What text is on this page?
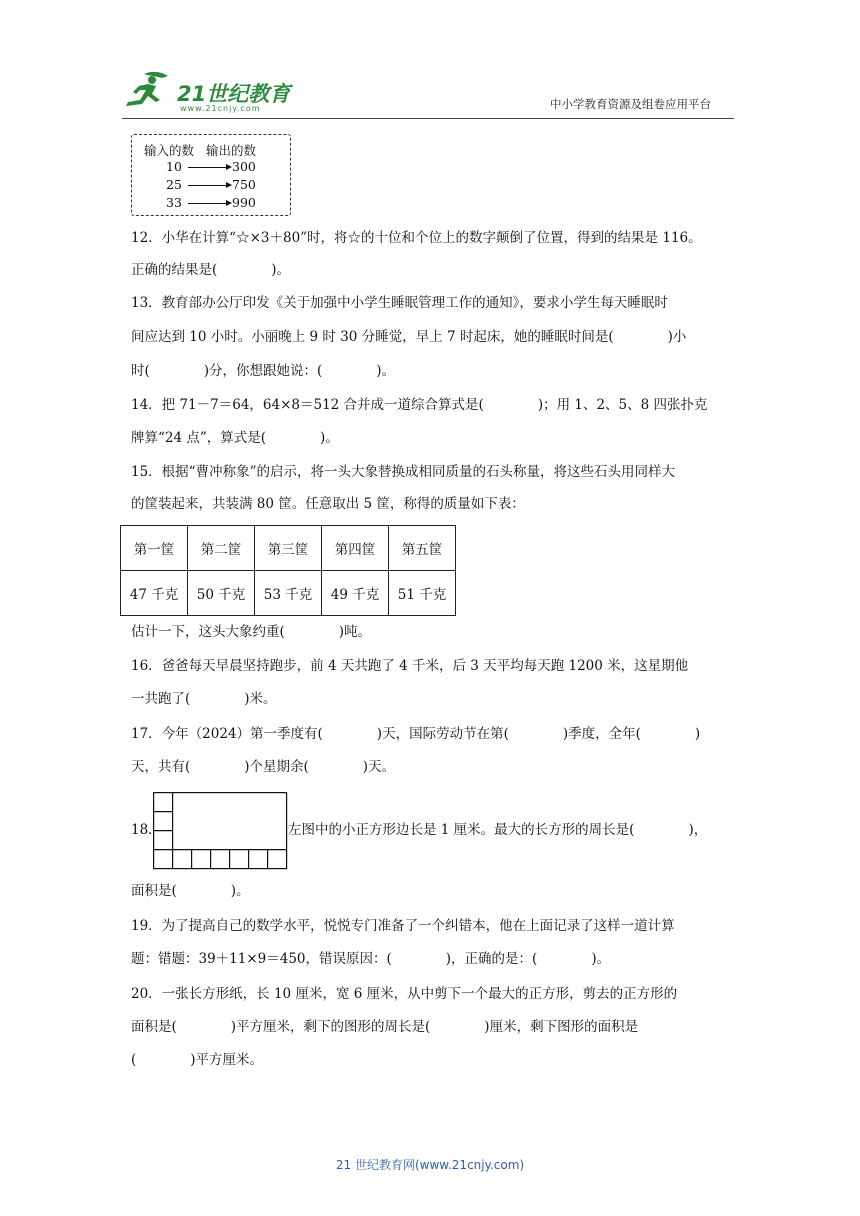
21世纪教育
www.21cnjy.com	中小学教育资源及组卷应用平台
输入的数 输出的数
10	300
25	750
33	990
12．小华在计算“☆×3＋80”时，将☆的十位和个位上的数字颠倒了位置，得到的结果是 116。
正确的结果是(　　　　)。
13．教育部办公厅印发《关于加强中小学生睡眠管理工作的通知》，要求小学生每天睡眠时
间应达到 10 小时。小丽晚上 9 时 30 分睡觉，早上 7 时起床，她的睡眠时间是(　　　　)小
时(　　　　)分，你想跟她说：(　　　　)。
14．把 71－7＝64，64×8＝512 合并成一道综合算式是(　　　　)；用 1、2、5、8 四张扑克
牌算“24 点”，算式是(　　　　)。
15．根据“曹冲称象”的启示，将一头大象替换成相同质量的石头称量，将这些石头用同样大
的筐装起来，共装满 80 筐。任意取出 5 筐，称得的质量如下表：
第一筐	第二筐	第三筐	第四筐	第五筐
47 千克	50 千克	53 千克	49 千克	51 千克
估计一下，这头大象约重(　　　　)吨。
16．爸爸每天早晨坚持跑步，前 4 天共跑了 4 千米，后 3 天平均每天跑 1200 米，这星期他
一共跑了(　　　　)米。
17．今年（2024）第一季度有(　　　　)天，国际劳动节在第(　　　　)季度，全年(　　　　)
天，共有(　　　　)个星期余(　　　　)天。
18．	左图中的小正方形边长是 1 厘米。最大的长方形的周长是(　　　　)，
面积是(　　　　)。
19．为了提高自己的数学水平，悦悦专门准备了一个纠错本，他在上面记录了这样一道计算
题：错题：39＋11×9＝450，错误原因：(　　　　)，正确的是：(　　　　)。
20．一张长方形纸，长 10 厘米，宽 6 厘米，从中剪下一个最大的正方形，剪去的正方形的
面积是(　　　　)平方厘米，剩下的图形的周长是(　　　　)厘米，剩下图形的面积是
(　　　　)平方厘米。
21 世纪教育网(www.21cnjy.com)
